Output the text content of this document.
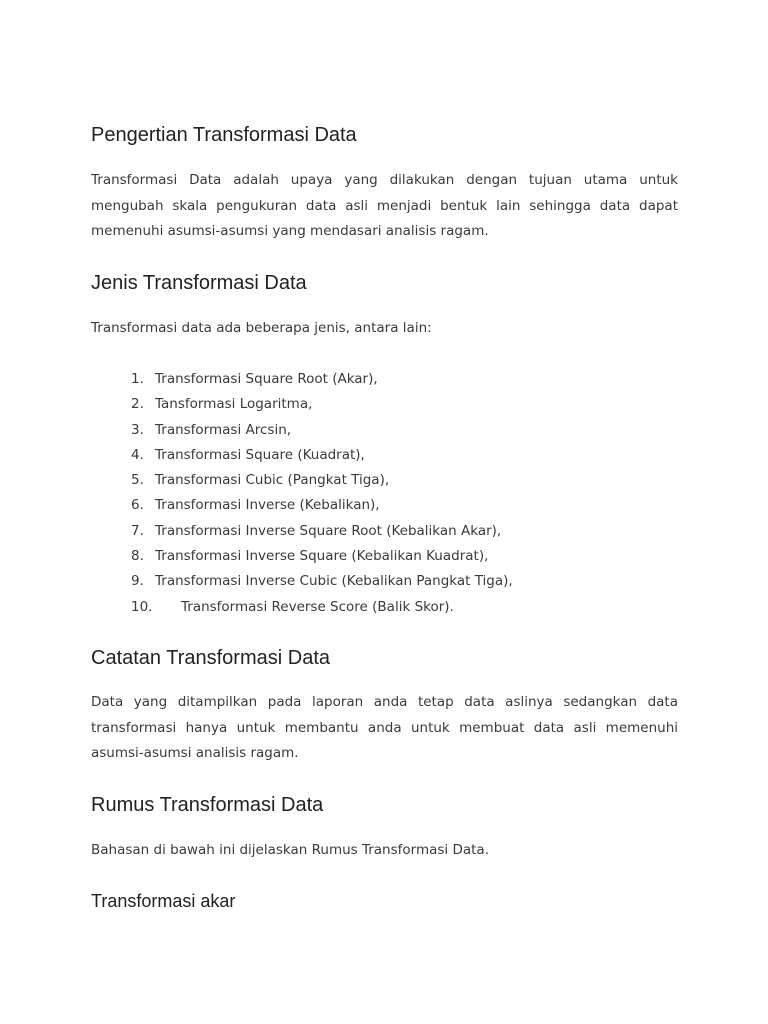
Pengertian Transformasi Data

Transformasi Data adalah upaya yang dilakukan dengan tujuan utama untuk mengubah skala pengukuran data asli menjadi bentuk lain sehingga data dapat memenuhi asumsi-asumsi yang mendasari analisis ragam.

Jenis Transformasi Data

Transformasi data ada beberapa jenis, antara lain:

1. Transformasi Square Root (Akar),
2. Tansformasi Logaritma,
3. Transformasi Arcsin,
4. Transformasi Square (Kuadrat),
5. Transformasi Cubic (Pangkat Tiga),
6. Transformasi Inverse (Kebalikan),
7. Transformasi Inverse Square Root (Kebalikan Akar),
8. Transformasi Inverse Square (Kebalikan Kuadrat),
9. Transformasi Inverse Cubic (Kebalikan Pangkat Tiga),
10. Transformasi Reverse Score (Balik Skor).
Catatan Transformasi Data

Data yang ditampilkan pada laporan anda tetap data aslinya sedangkan data transformasi hanya untuk membantu anda untuk membuat data asli memenuhi asumsi-asumsi analisis ragam.

Rumus Transformasi Data

Bahasan di bawah ini dijelaskan Rumus Transformasi Data.

Transformasi akar
